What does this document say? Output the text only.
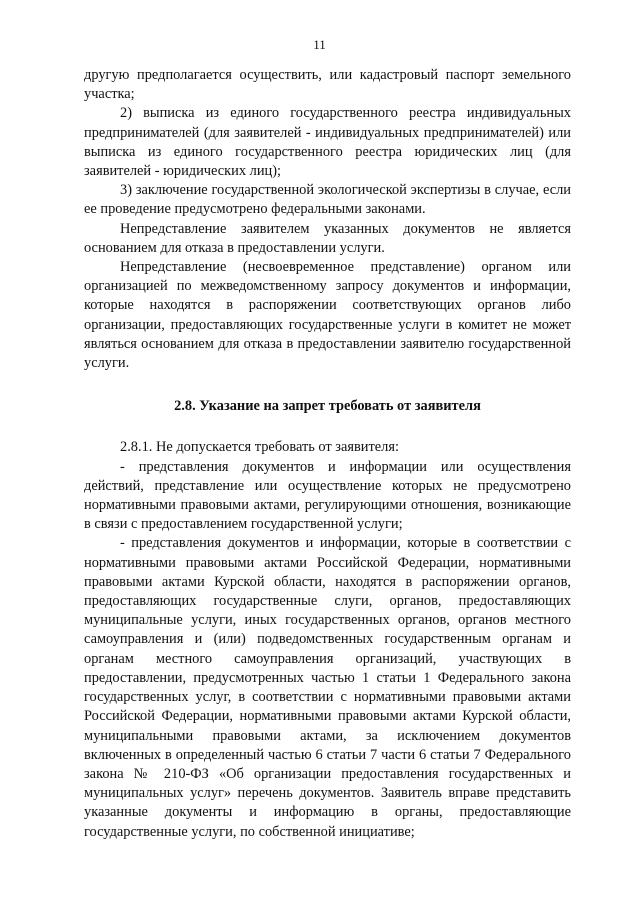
11

другую предполагается осуществить, или кадастровый паспорт земельного участка;

2) выписка из единого государственного реестра индивидуальных предпринимателей (для заявителей - индивидуальных предпринимателей) или выписка из единого государственного реестра юридических лиц (для заявителей - юридических лиц);

3) заключение государственной экологической экспертизы в случае, если ее проведение предусмотрено федеральными законами.

Непредставление заявителем указанных документов не является основанием для отказа в предоставлении услуги.

Непредставление (несвоевременное представление) органом или организацией по межведомственному запросу документов и информации, которые находятся в распоряжении соответствующих органов либо организации, предоставляющих государственные услуги в комитет не может являться основанием для отказа в предоставлении заявителю государственной услуги.

2.8. Указание на запрет требовать от заявителя

2.8.1. Не допускается требовать от заявителя:

- представления документов и информации или осуществления действий, представление или осуществление которых не предусмотрено нормативными правовыми актами, регулирующими отношения, возникающие в связи с предоставлением государственной услуги;

- представления документов и информации, которые в соответствии с нормативными правовыми актами Российской Федерации, нормативными правовыми актами Курской области, находятся в распоряжении органов, предоставляющих государственные слуги, органов, предоставляющих муниципальные услуги, иных государственных органов, органов местного самоуправления и (или) подведомственных государственным органам и органам местного самоуправления организаций, участвующих в предоставлении, предусмотренных частью 1 статьи 1 Федерального закона государственных услуг, в соответствии с нормативными правовыми актами Российской Федерации, нормативными правовыми актами Курской области, муниципальными правовыми актами, за исключением документов включенных в определенный частью 6 статьи 7 части 6 статьи 7 Федерального закона № 210-ФЗ «Об организации предоставления государственных и муниципальных услуг» перечень документов. Заявитель вправе представить указанные документы и информацию в органы, предоставляющие государственные услуги, по собственной инициативе;
